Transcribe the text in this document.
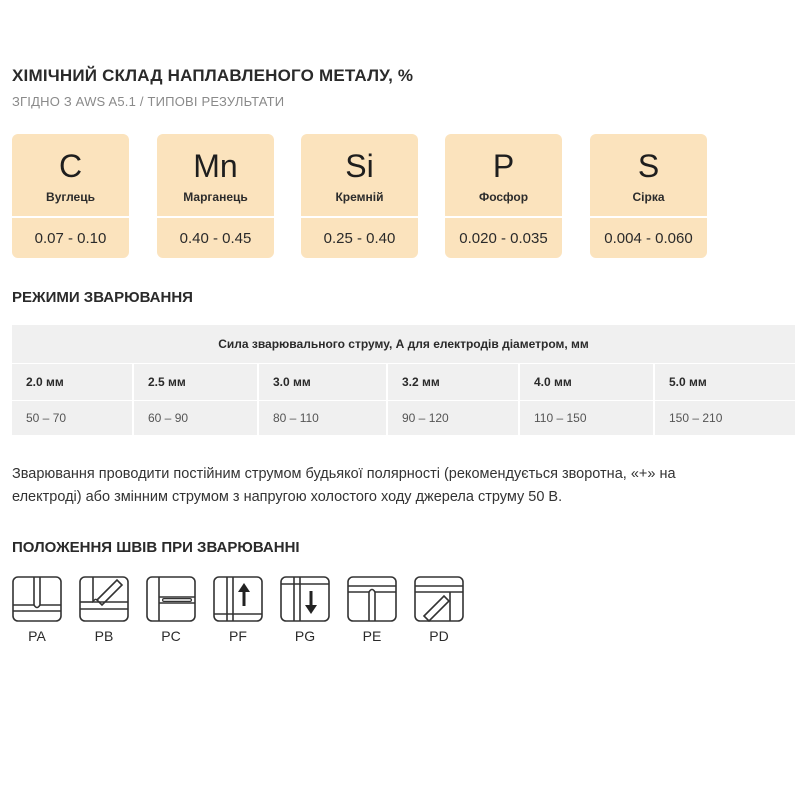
ХІМІЧНИЙ СКЛАД НАПЛАВЛЕНОГО МЕТАЛУ, %
ЗГІДНО З AWS A5.1 / ТИПОВІ РЕЗУЛЬТАТИ
C
Вуглець
0.07 - 0.10
Mn
Марганець
0.40 - 0.45
Si
Кремній
0.25 - 0.40
P
Фосфор
0.020 - 0.035
S
Сірка
0.004 - 0.060
РЕЖИМИ ЗВАРЮВАННЯ
Сила зварювального струму, А для електродів діаметром, мм
2.0 мм	2.5 мм	3.0 мм	3.2 мм	4.0 мм	5.0 мм
50 – 70	60 – 90	80 – 110	90 – 120	110 – 150	150 – 210
Зварювання проводити постійним струмом будьякої полярності (рекомендується зворотна, «+» на
електроді) або змінним струмом з напругою холостого ходу джерела струму 50 В.
ПОЛОЖЕННЯ ШВІВ ПРИ ЗВАРЮВАННІ
PA	PB	PC	PF	PG	PE	PD
